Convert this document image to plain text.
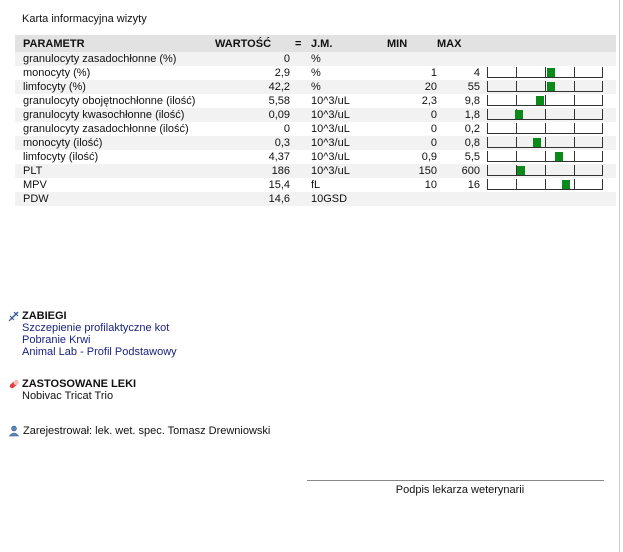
Karta informacyjna wizyty
PARAMETR	WARTOŚĆ	=	J.M.	MIN	MAX	
granulocyty zasadochłonne (%)	0		%			
monocyty (%)	2,9		%	1	4	

limfocyty (%)	42,2		%	20	55	

granulocyty obojętnochłonne (ilość)	5,58		10^3/uL	2,3	9,8	

granulocyty kwasochłonne (ilość)	0,09		10^3/uL	0	1,8	

granulocyty zasadochłonne (ilość)	0		10^3/uL	0	0,2	

monocyty (ilość)	0,3		10^3/uL	0	0,8	

limfocyty (ilość)	4,37		10^3/uL	0,9	5,5	

PLT	186		10^3/uL	150	600	

MPV	15,4		fL	10	16	

PDW	14,6		10GSD			
ZABIEGI
Szczepienie profilaktyczne kot
Pobranie Krwi
Animal Lab - Profil Podstawowy
ZASTOSOWANE LEKI
Nobivac Tricat Trio
Zarejestrował: lek. wet. spec. Tomasz Drewniowski
Podpis lekarza weterynarii
